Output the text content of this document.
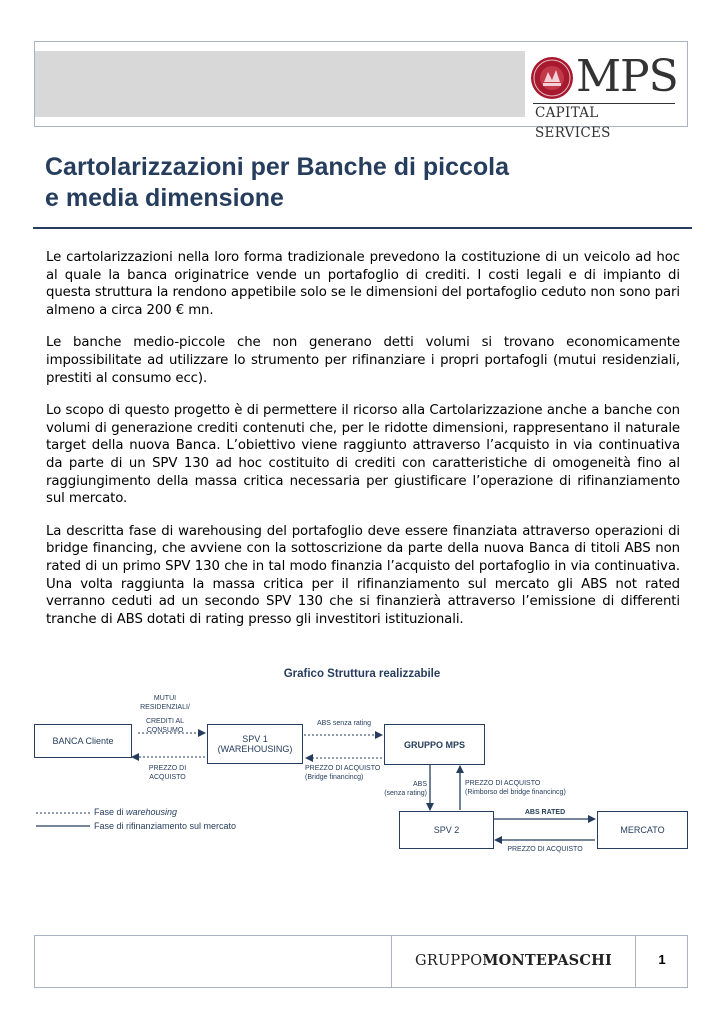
MPS
CAPITAL SERVICES
Cartolarizzazioni per Banche di piccola
e media dimensione

Le cartolarizzazioni nella loro forma tradizionale prevedono la costituzione di un veicolo ad hoc al quale la banca originatrice vende un portafoglio di crediti. I costi legali e di impianto di questa struttura la rendono appetibile solo se le dimensioni del portafoglio ceduto non sono pari almeno a circa 200 € mn.

Le banche medio-piccole che non generano detti volumi si trovano economicamente impossibilitate ad utilizzare lo strumento per rifinanziare i propri portafogli (mutui residenziali, prestiti al consumo ecc).

Lo scopo di questo progetto è di permettere il ricorso alla Cartolarizzazione anche a banche con volumi di generazione crediti contenuti che, per le ridotte dimensioni, rappresentano il naturale target della nuova Banca. L’obiettivo viene raggiunto attraverso l’acquisto in via continuativa da parte di un SPV 130 ad hoc costituito di crediti con caratteristiche di omogeneità fino al raggiungimento della massa critica necessaria per giustificare l’operazione di rifinanziamento sul mercato.

La descritta fase di warehousing del portafoglio deve essere finanziata attraverso operazioni di bridge financing, che avviene con la sottoscrizione da parte della nuova Banca di titoli ABS non rated di un primo SPV 130 che in tal modo finanzia l’acquisto del portafoglio in via continuativa. Una volta raggiunta la massa critica per il rifinanziamento sul mercato gli ABS not rated verranno ceduti ad un secondo SPV 130 che si finanzierà attraverso l’emissione di differenti tranche di ABS dotati di rating presso gli investitori istituzionali.

Grafico Struttura realizzabile
BANCA Cliente	SPV 1
(WAREHOUSING)	GRUPPO MPS
SPV 2	MERCATO
MUTUI
RESIDENZIALI/
CREDITI AL
CONSUMO
PREZZO DI
ACQUISTO
ABS senza rating
PREZZO DI ACQUISTO
(Bridge financincg)
ABS
(senza rating)
PREZZO DI ACQUISTO
(Rimborso del bridge financincg)
ABS RATED
PREZZO DI ACQUISTO
Fase di warehousing
Fase di rifinanziamento sul mercato
GRUPPOMONTEPASCHI	1
